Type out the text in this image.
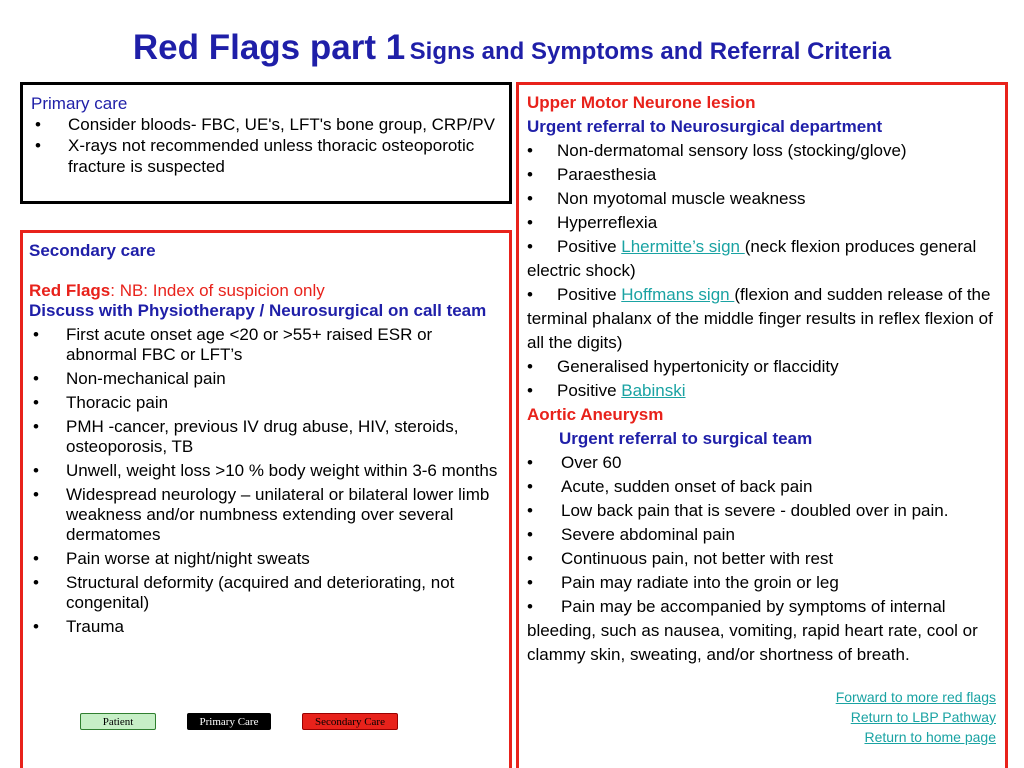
Red Flags part 1 Signs and Symptoms and Referral Criteria
Primary care
• Consider bloods- FBC, UE's, LFT's bone group, CRP/PV
• X-rays not recommended unless thoracic osteoporotic fracture is suspected
Secondary care
Red Flags: NB: Index of suspicion only
Discuss with Physiotherapy / Neurosurgical on call team
• First acute onset age <20 or >55+ raised ESR or abnormal FBC or LFT’s
• Non-mechanical pain
• Thoracic pain
• PMH -cancer, previous IV drug abuse, HIV, steroids, osteoporosis, TB
• Unwell, weight loss >10 % body weight within 3-6 months
• Widespread neurology – unilateral or bilateral lower limb weakness and/or numbness extending over several dermatomes
• Pain worse at night/night sweats
• Structural deformity (acquired and deteriorating, not congenital)
• Trauma
Upper Motor Neurone lesion
Urgent referral to Neurosurgical department
• Non-dermatomal sensory loss (stocking/glove)
• Paraesthesia
• Non myotomal muscle weakness
• Hyperreflexia
• Positive Lhermitte’s sign (neck flexion produces general electric shock)
• Positive Hoffmans sign (flexion and sudden release of the terminal phalanx of the middle finger results in reflex flexion of all the digits)
• Generalised hypertonicity or flaccidity
• Positive Babinski
Aortic Aneurysm
Urgent referral to surgical team
• Over 60
• Acute, sudden onset of back pain
• Low back pain that is severe - doubled over in pain.
• Severe abdominal pain
• Continuous pain, not better with rest
• Pain may radiate into the groin or leg
• Pain may be accompanied by symptoms of internal bleeding, such as nausea, vomiting, rapid heart rate, cool or clammy skin, sweating, and/or shortness of breath.
Forward to more red flags
Return to LBP Pathway
Return to home page
Patient	Primary Care	Secondary Care
